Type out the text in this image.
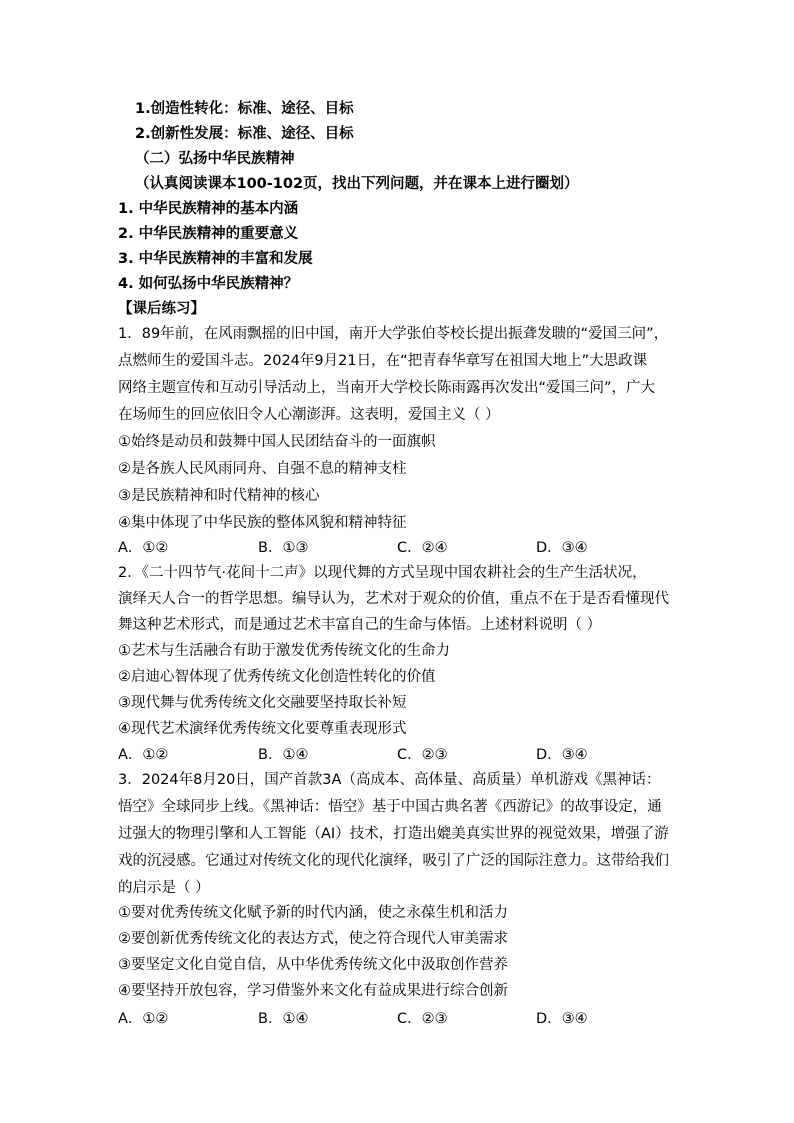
1.创造性转化：标准、途径、目标
2.创新性发展：标准、途径、目标
（二）弘扬中华民族精神
（认真阅读课本100-102页，找出下列问题，并在课本上进行圈划）
1. 中华民族精神的基本内涵
2. 中华民族精神的重要意义
3. 中华民族精神的丰富和发展
4. 如何弘扬中华民族精神？
【课后练习】
1．89年前，在风雨飘摇的旧中国，南开大学张伯苓校长提出振聋发聩的“爱国三问”，
点燃师生的爱国斗志。2024年9月21日，在“把青春华章写在祖国大地上”大思政课
网络主题宣传和互动引导活动上，当南开大学校长陈雨露再次发出“爱国三问”，广大
在场师生的回应依旧令人心潮澎湃。这表明，爱国主义（ ）
①始终是动员和鼓舞中国人民团结奋斗的一面旗帜
②是各族人民风雨同舟、自强不息的精神支柱
③是民族精神和时代精神的核心
④集中体现了中华民族的整体风貌和精神特征
A．①②	B．①③	C．②④	D．③④
2．《二十四节气·花间十二声》以现代舞的方式呈现中国农耕社会的生产生活状况，
演绎天人合一的哲学思想。编导认为，艺术对于观众的价值，重点不在于是否看懂现代
舞这种艺术形式，而是通过艺术丰富自己的生命与体悟。上述材料说明（ ）
①艺术与生活融合有助于激发优秀传统文化的生命力
②启迪心智体现了优秀传统文化创造性转化的价值
③现代舞与优秀传统文化交融要坚持取长补短
④现代艺术演绎优秀传统文化要尊重表现形式
A．①②	B．①④	C．②③	D．③④
3．2024年8月20日，国产首款3A（高成本、高体量、高质量）单机游戏《黑神话：
悟空》全球同步上线。《黑神话：悟空》基于中国古典名著《西游记》的故事设定，通
过强大的物理引擎和人工智能（AI）技术，打造出媲美真实世界的视觉效果，增强了游
戏的沉浸感。它通过对传统文化的现代化演绎，吸引了广泛的国际注意力。这带给我们
的启示是（ ）
①要对优秀传统文化赋予新的时代内涵，使之永葆生机和活力
②要创新优秀传统文化的表达方式，使之符合现代人审美需求
③要坚定文化自觉自信，从中华优秀传统文化中汲取创作营养
④要坚持开放包容，学习借鉴外来文化有益成果进行综合创新
A．①②	B．①④	C．②③	D．③④
